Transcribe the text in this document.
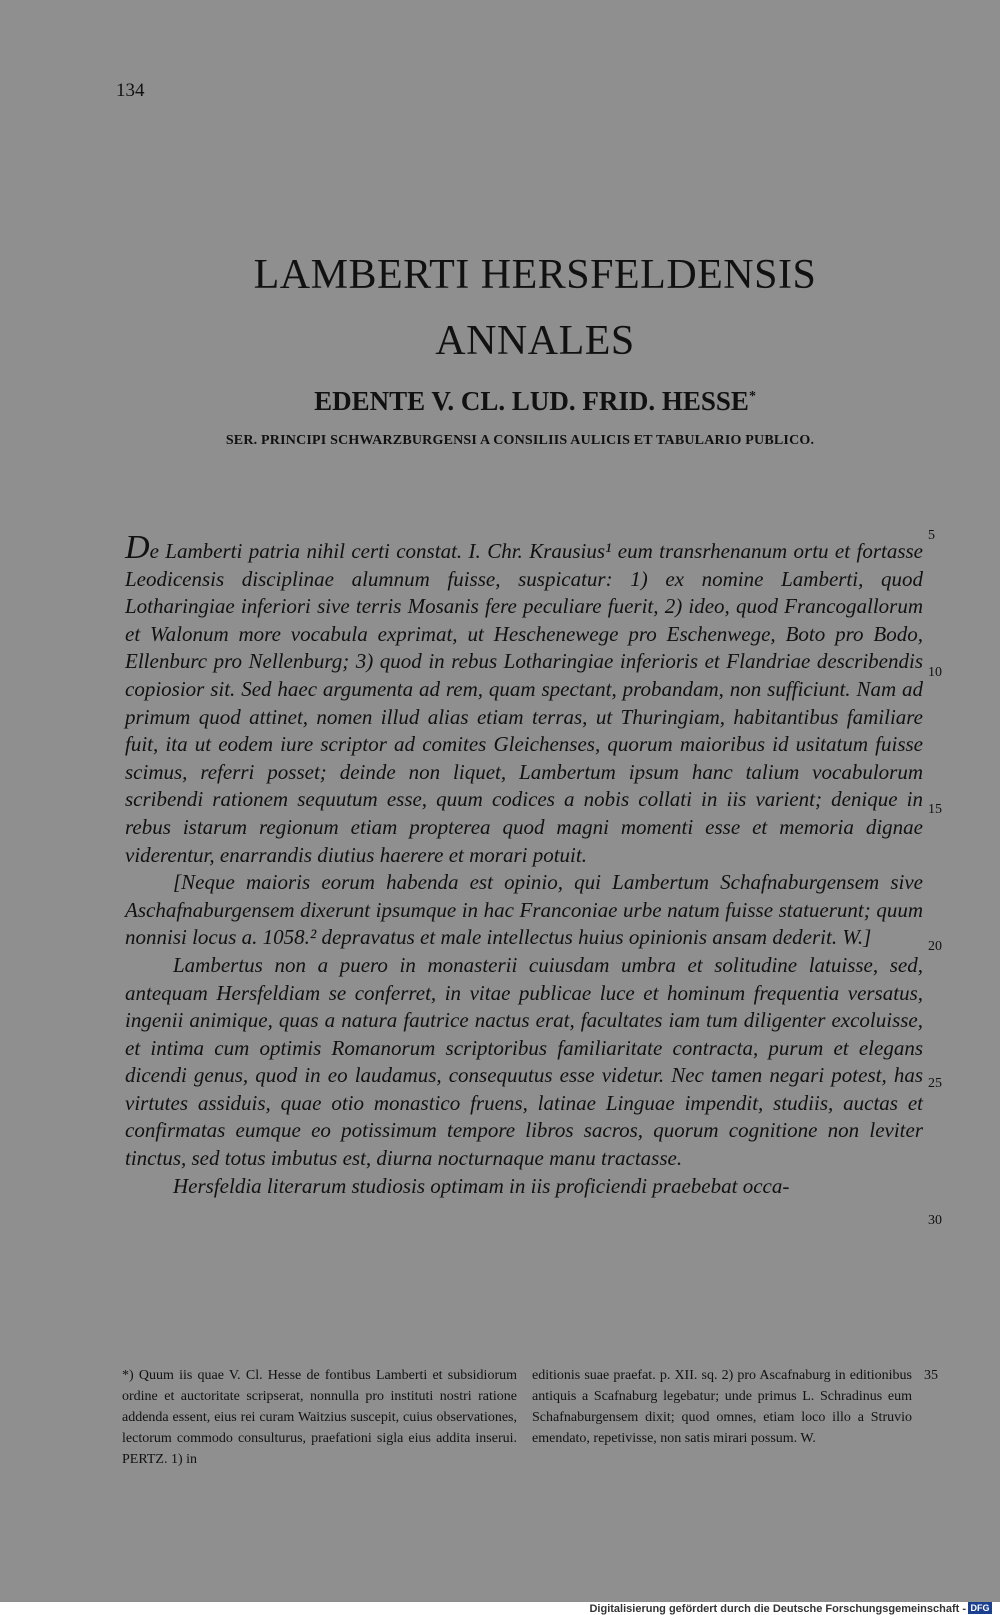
134
LAMBERTI HERSFELDENSIS
ANNALES
EDENTE V. CL. LUD. FRID. HESSE*
SER. PRINCIPI SCHWARZBURGENSI A CONSILIIS AULICIS ET TABULARIO PUBLICO.

De Lamberti patria nihil certi constat. I. Chr. Krausius¹ eum transrhenanum ortu et fortasse Leodicensis disciplinae alumnum fuisse, suspicatur: 1) ex nomine Lamberti, quod Lotharingiae inferiori sive terris Mosanis fere peculiare fuerit, 2) ideo, quod Francogallorum et Walonum more vocabula exprimat, ut Heschenewege pro Eschenwege, Boto pro Bodo, Ellenburc pro Nellenburg; 3) quod in rebus Lotharingiae inferioris et Flandriae describendis copiosior sit. Sed haec argumenta ad rem, quam spectant, probandam, non sufficiunt. Nam ad primum quod attinet, nomen illud alias etiam terras, ut Thuringiam, habitantibus familiare fuit, ita ut eodem iure scriptor ad comites Gleichenses, quorum maioribus id usitatum fuisse scimus, referri posset; deinde non liquet, Lambertum ipsum hanc talium vocabulorum scribendi rationem sequutum esse, quum codices a nobis collati in iis varient; denique in rebus istarum regionum etiam propterea quod magni momenti esse et memoria dignae viderentur, enarrandis diutius haerere et morari potuit.

[Neque maioris eorum habenda est opinio, qui Lambertum Schafnaburgensem sive Aschafnaburgensem dixerunt ipsumque in hac Franconiae urbe natum fuisse statuerunt; quum nonnisi locus a. 1058.² depravatus et male intellectus huius opinionis ansam dederit. W.]

Lambertus non a puero in monasterii cuiusdam umbra et solitudine latuisse, sed, antequam Hersfeldiam se conferret, in vitae publicae luce et hominum frequentia versatus, ingenii animique, quas a natura fautrice nactus erat, facultates iam tum diligenter excoluisse, et intima cum optimis Romanorum scriptoribus familiaritate contracta, purum et elegans dicendi genus, quod in eo laudamus, consequutus esse videtur. Nec tamen negari potest, has virtutes assiduis, quae otio monastico fruens, latinae Linguae impendit, studiis, auctas et confirmatas eumque eo potissimum tempore libros sacros, quorum cognitione non leviter tinctus, sed totus imbutus est, diurna nocturnaque manu tractasse.

Hersfeldia literarum studiosis optimam in iis proficiendi praebebat occa-

5
10
15
20
25
30

*) Quum iis quae V. Cl. Hesse de fontibus Lamberti et subsidiorum ordine et auctoritate scripserat, nonnulla pro instituti nostri ratione addenda essent, eius rei curam Waitzius suscepit, cuius observationes, lectorum commodo consulturus, praefationi sigla eius addita inserui. PERTZ. 1) in

editionis suae praefat. p. XII. sq. 2) pro Ascafnaburg in editionibus antiquis a Scafnaburg legebatur; unde primus L. Schradinus eum Schafnaburgensem dixit; quod omnes, etiam loco illo a Struvio emendato, repetivisse, non satis mirari possum. W.

35
Digitalisierung gefördert durch die Deutsche Forschungsgemeinschaft - DFG
